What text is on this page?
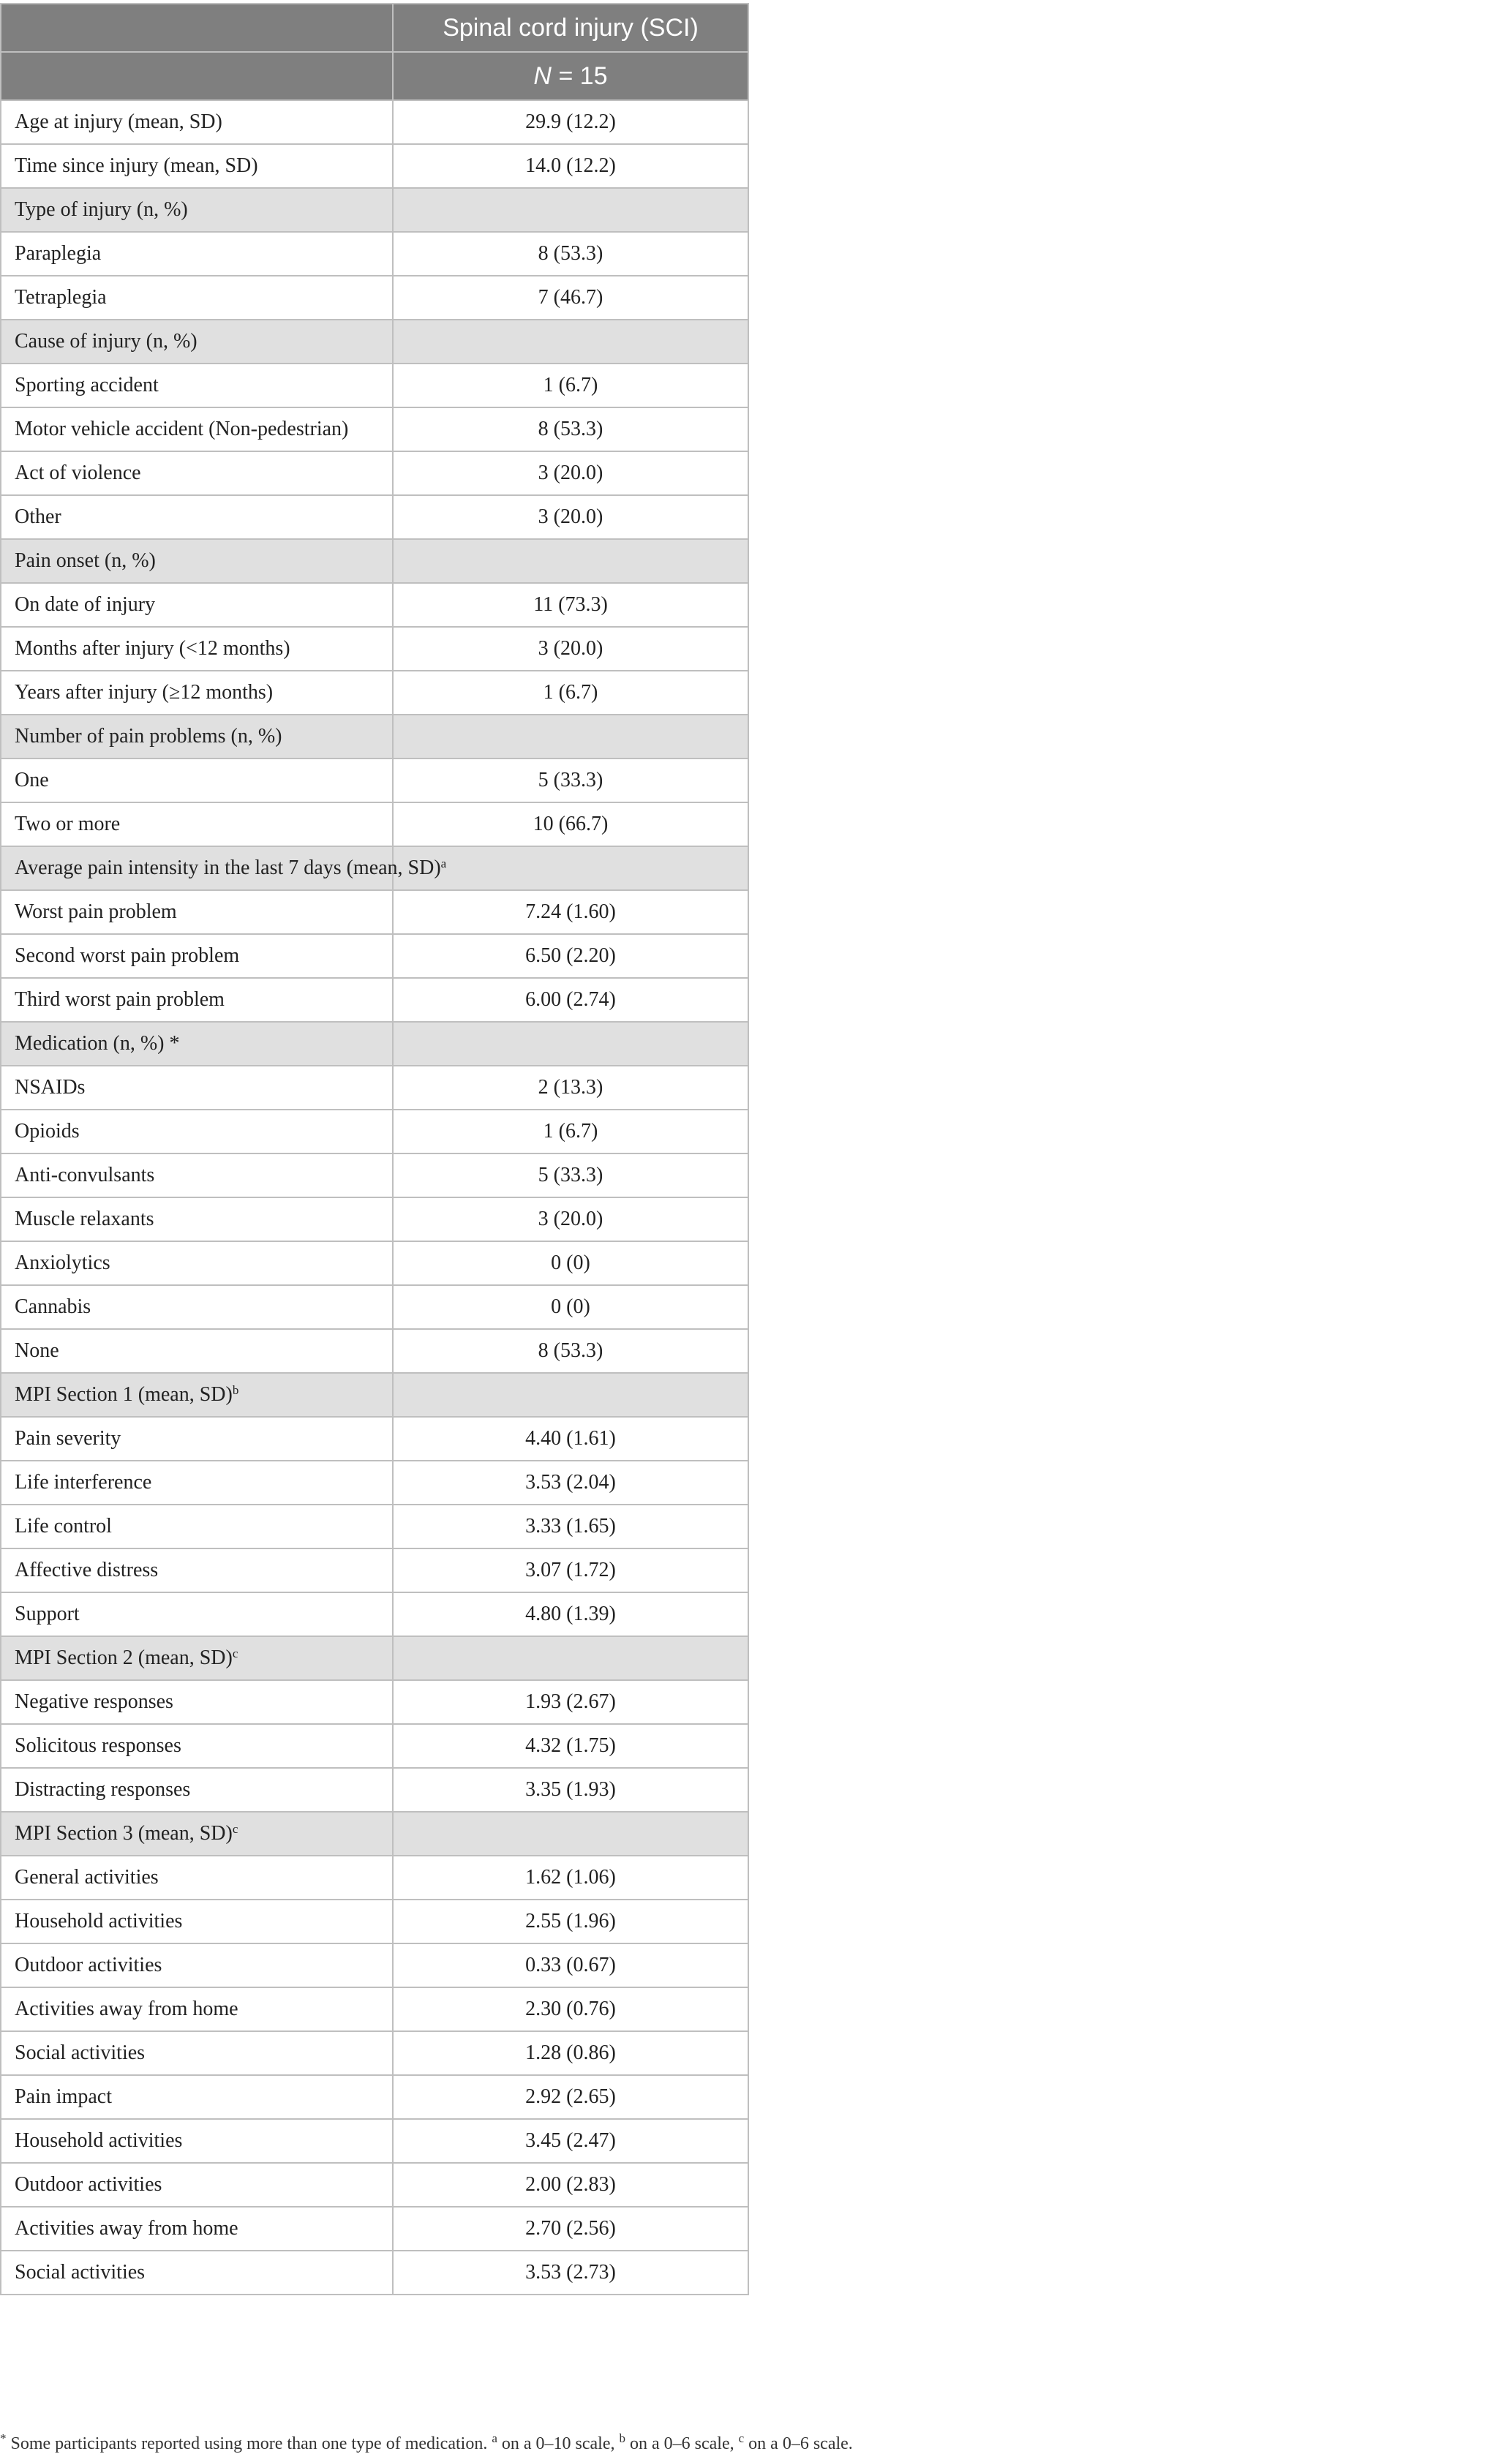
	Spinal cord injury (SCI)
	N = 15
Age at injury (mean, SD)	29.9 (12.2)
Time since injury (mean, SD)	14.0 (12.2)
Type of injury (n, %)	
Paraplegia	8 (53.3)
Tetraplegia	7 (46.7)
Cause of injury (n, %)	
Sporting accident	1 (6.7)
Motor vehicle accident (Non-pedestrian)	8 (53.3)
Act of violence	3 (20.0)
Other	3 (20.0)
Pain onset (n, %)	
On date of injury	11 (73.3)
Months after injury (<12 months)	3 (20.0)
Years after injury (≥12 months)	1 (6.7)
Number of pain problems (n, %)	
One	5 (33.3)
Two or more	10 (66.7)
Average pain intensity in the last 7 days (mean, SD)$^a$	
Worst pain problem	7.24 (1.60)
Second worst pain problem	6.50 (2.20)
Third worst pain problem	6.00 (2.74)
Medication (n, %) *	
NSAIDs	2 (13.3)
Opioids	1 (6.7)
Anti-convulsants	5 (33.3)
Muscle relaxants	3 (20.0)
Anxiolytics	0 (0)
Cannabis	0 (0)
None	8 (53.3)
MPI Section 1 (mean, SD)$^b$	
Pain severity	4.40 (1.61)
Life interference	3.53 (2.04)
Life control	3.33 (1.65)
Affective distress	3.07 (1.72)
Support	4.80 (1.39)
MPI Section 2 (mean, SD)$^c$	
Negative responses	1.93 (2.67)
Solicitous responses	4.32 (1.75)
Distracting responses	3.35 (1.93)
MPI Section 3 (mean, SD)$^c$	
General activities	1.62 (1.06)
Household activities	2.55 (1.96)
Outdoor activities	0.33 (0.67)
Activities away from home	2.30 (0.76)
Social activities	1.28 (0.86)
Pain impact	2.92 (2.65)
Household activities	3.45 (2.47)
Outdoor activities	2.00 (2.83)
Activities away from home	2.70 (2.56)
Social activities	3.53 (2.73)
* Some participants reported using more than one type of medication. $^a$ on a 0–10 scale, $^b$ on a 0–6 scale, $^c$ on a 0–6 scale.
